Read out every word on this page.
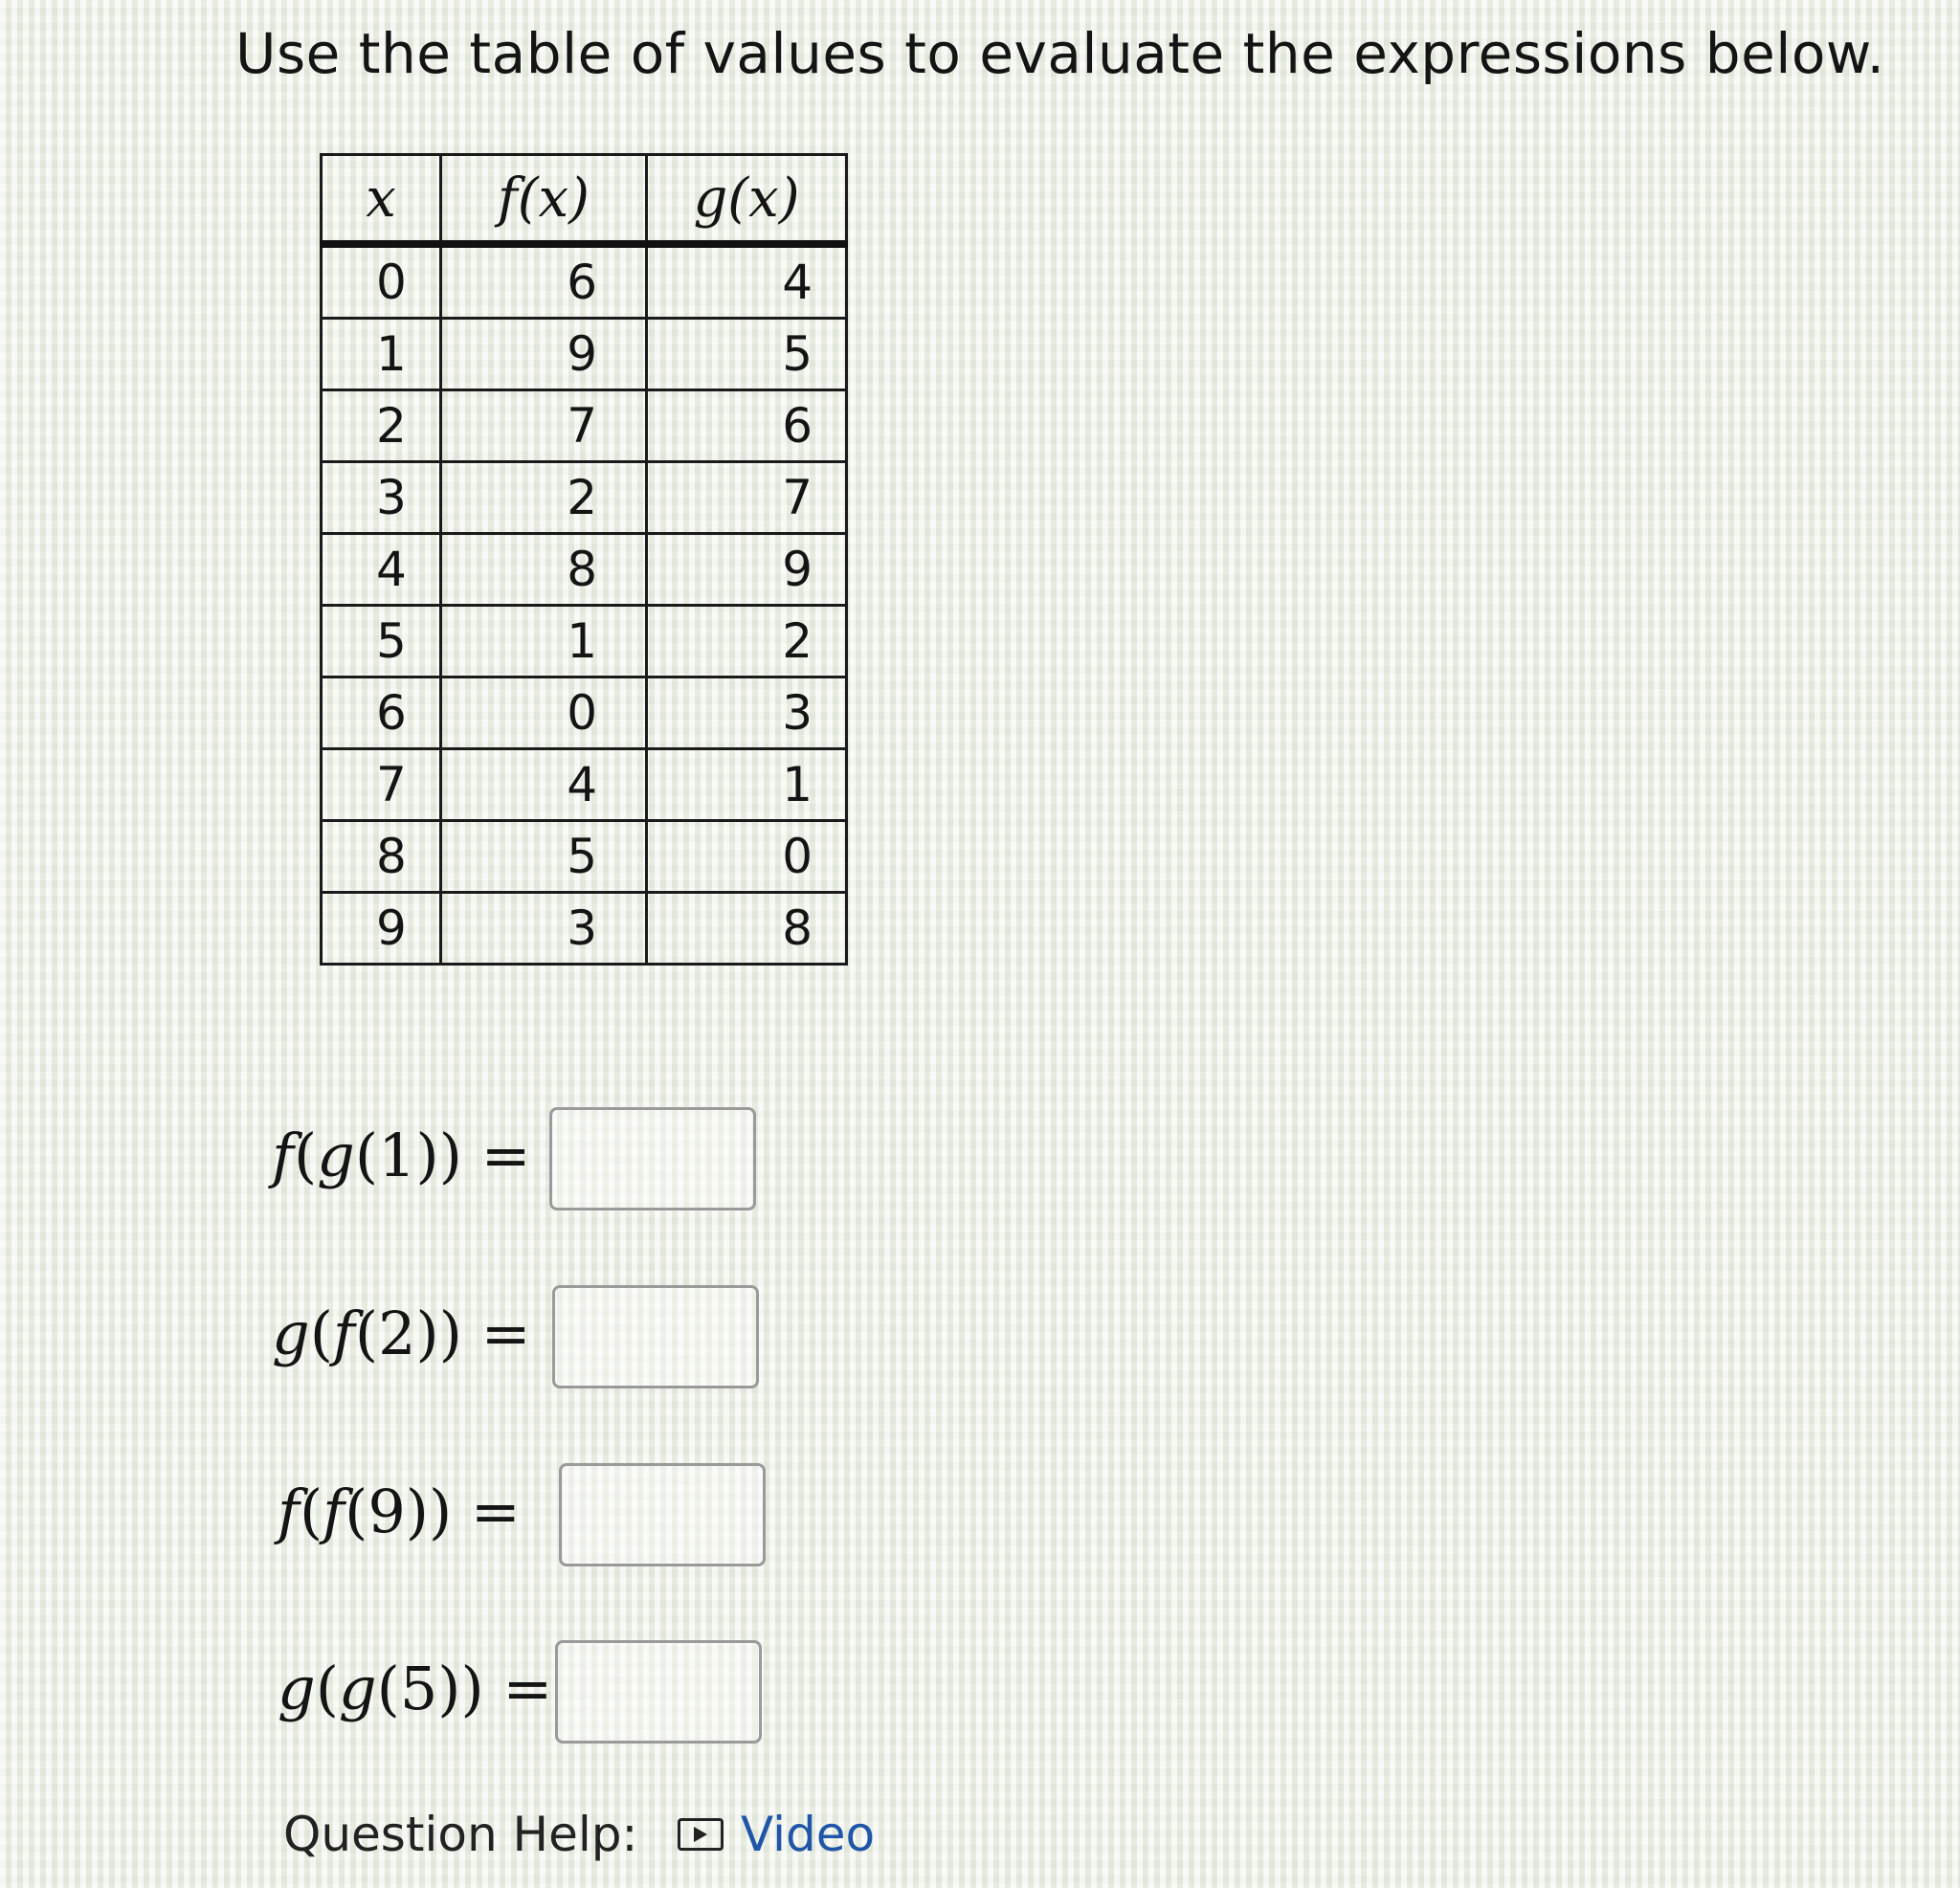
Use the table of values to evaluate the expressions below.
x	f(x)	g(x)
0	6	4
1	9	5
2	7	6
3	2	7
4	8	9
5	1	2
6	0	3
7	4	1
8	5	0
9	3	8
f(g(1)) =
g(f(2)) =
f(f(9)) =
g(g(5)) =
Question Help: Video
